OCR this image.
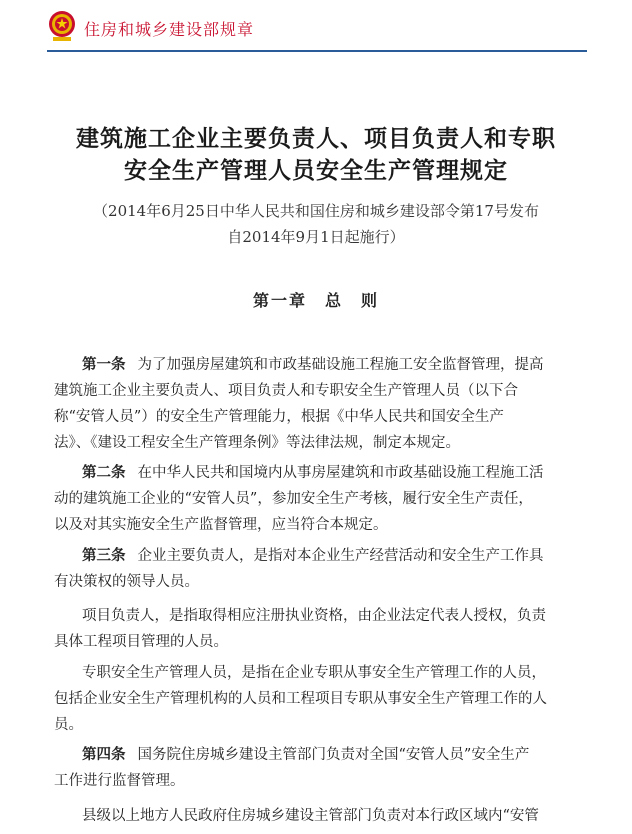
住房和城乡建设部规章
建筑施工企业主要负责人、项目负责人和专职
安全生产管理人员安全生产管理规定
（2014年6月25日中华人民共和国住房和城乡建设部令第17号发布
自2014年9月1日起施行）
第一章　总　则
第一条 为了加强房屋建筑和市政基础设施工程施工安全监督管理，提高
建筑施工企业主要负责人、项目负责人和专职安全生产管理人员（以下合
称“安管人员”）的安全生产管理能力，根据《中华人民共和国安全生产
法》、《建设工程安全生产管理条例》等法律法规，制定本规定。
第二条 在中华人民共和国境内从事房屋建筑和市政基础设施工程施工活
动的建筑施工企业的“安管人员”，参加安全生产考核，履行安全生产责任，
以及对其实施安全生产监督管理，应当符合本规定。
第三条 企业主要负责人，是指对本企业生产经营活动和安全生产工作具
有决策权的领导人员。
项目负责人，是指取得相应注册执业资格，由企业法定代表人授权，负责
具体工程项目管理的人员。
专职安全生产管理人员，是指在企业专职从事安全生产管理工作的人员，
包括企业安全生产管理机构的人员和工程项目专职从事安全生产管理工作的人
员。
第四条 国务院住房城乡建设主管部门负责对全国“安管人员”安全生产
工作进行监督管理。
县级以上地方人民政府住房城乡建设主管部门负责对本行政区域内“安管
